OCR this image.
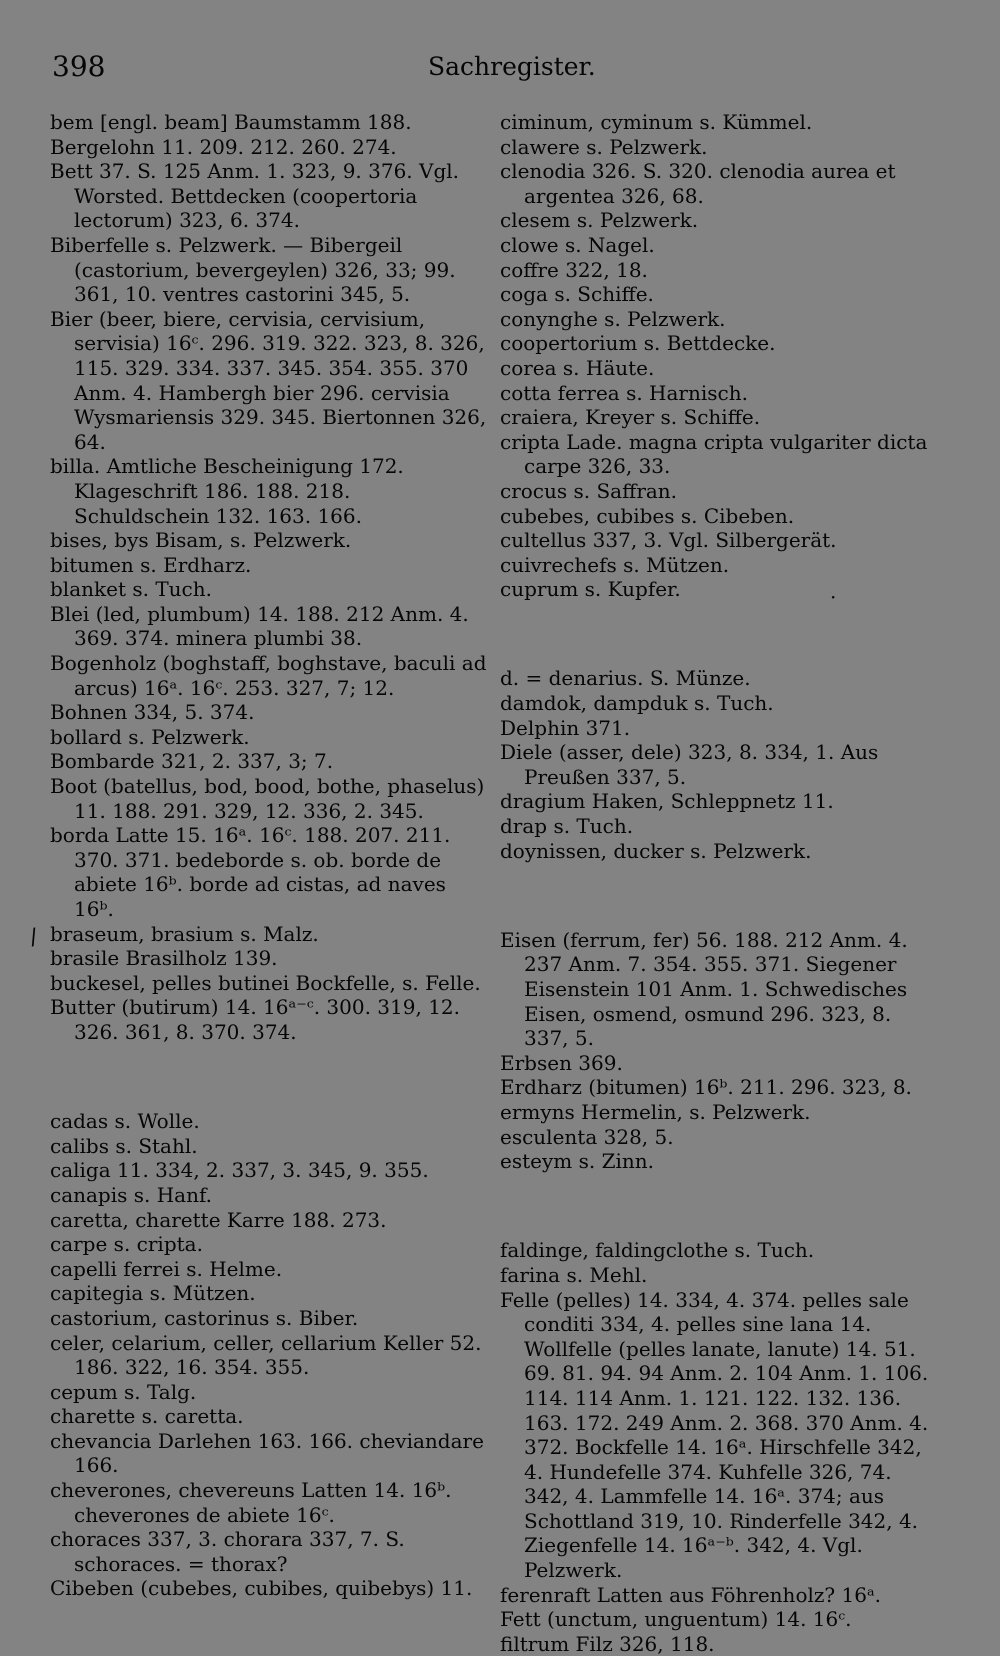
398	Sachregister.
/
·

bem [engl. beam] Baumstamm 188.

Bergelohn 11. 209. 212. 260. 274.

Bett 37. S. 125 Anm. 1. 323, 9. 376. Vgl. Worsted. Bettdecken (coopertoria lectorum) 323, 6. 374.

Biberfelle s. Pelzwerk. — Bibergeil (castorium, bevergeylen) 326, 33; 99. 361, 10. ventres castorini 345, 5.

Bier (beer, biere, cervisia, cervisium, servisia) 16ᶜ. 296. 319. 322. 323, 8. 326, 115. 329. 334. 337. 345. 354. 355. 370 Anm. 4. Hambergh bier 296. cervisia Wysmariensis 329. 345. Biertonnen 326, 64.

billa. Amtliche Bescheinigung 172. Klageschrift 186. 188. 218. Schuldschein 132. 163. 166.

bises, bys Bisam, s. Pelzwerk.

bitumen s. Erdharz.

blanket s. Tuch.

Blei (led, plumbum) 14. 188. 212 Anm. 4. 369. 374. minera plumbi 38.

Bogenholz (boghstaff, boghstave, baculi ad arcus) 16ᵃ. 16ᶜ. 253. 327, 7; 12.

Bohnen 334, 5. 374.

bollard s. Pelzwerk.

Bombarde 321, 2. 337, 3; 7.

Boot (batellus, bod, bood, bothe, phaselus) 11. 188. 291. 329, 12. 336, 2. 345.

borda Latte 15. 16ᵃ. 16ᶜ. 188. 207. 211. 370. 371. bedeborde s. ob. borde de abiete 16ᵇ. borde ad cistas, ad naves 16ᵇ.

braseum, brasium s. Malz.

brasile Brasilholz 139.

buckesel, pelles butinei Bockfelle, s. Felle.

Butter (butirum) 14. 16ᵃ⁻ᶜ. 300. 319, 12. 326. 361, 8. 370. 374.

cadas s. Wolle.

calibs s. Stahl.

caliga 11. 334, 2. 337, 3. 345, 9. 355.

canapis s. Hanf.

caretta, charette Karre 188. 273.

carpe s. cripta.

capelli ferrei s. Helme.

capitegia s. Mützen.

castorium, castorinus s. Biber.

celer, celarium, celler, cellarium Keller 52. 186. 322, 16. 354. 355.

cepum s. Talg.

charette s. caretta.

chevancia Darlehen 163. 166. cheviandare 166.

cheverones, chevereuns Latten 14. 16ᵇ. cheverones de abiete 16ᶜ.

choraces 337, 3. chorara 337, 7. S. schoraces. = thorax?

Cibeben (cubebes, cubibes, quibebys) 11.

ciminum, cyminum s. Kümmel.

clawere s. Pelzwerk.

clenodia 326. S. 320. clenodia aurea et argentea 326, 68.

clesem s. Pelzwerk.

clowe s. Nagel.

coffre 322, 18.

coga s. Schiffe.

conynghe s. Pelzwerk.

coopertorium s. Bettdecke.

corea s. Häute.

cotta ferrea s. Harnisch.

craiera, Kreyer s. Schiffe.

cripta Lade. magna cripta vulgariter dicta carpe 326, 33.

crocus s. Saffran.

cubebes, cubibes s. Cibeben.

cultellus 337, 3. Vgl. Silbergerät.

cuivrechefs s. Mützen.

cuprum s. Kupfer.

d. = denarius. S. Münze.

damdok, dampduk s. Tuch.

Delphin 371.

Diele (asser, dele) 323, 8. 334, 1. Aus Preußen 337, 5.

dragium Haken, Schleppnetz 11.

drap s. Tuch.

doynissen, ducker s. Pelzwerk.

Eisen (ferrum, fer) 56. 188. 212 Anm. 4. 237 Anm. 7. 354. 355. 371. Siegener Eisenstein 101 Anm. 1. Schwedisches Eisen, osmend, osmund 296. 323, 8. 337, 5.

Erbsen 369.

Erdharz (bitumen) 16ᵇ. 211. 296. 323, 8.

ermyns Hermelin, s. Pelzwerk.

esculenta 328, 5.

esteym s. Zinn.

faldinge, faldingclothe s. Tuch.

farina s. Mehl.

Felle (pelles) 14. 334, 4. 374. pelles sale conditi 334, 4. pelles sine lana 14. Wollfelle (pelles lanate, lanute) 14. 51. 69. 81. 94. 94 Anm. 2. 104 Anm. 1. 106. 114. 114 Anm. 1. 121. 122. 132. 136. 163. 172. 249 Anm. 2. 368. 370 Anm. 4. 372. Bockfelle 14. 16ᵃ. Hirschfelle 342, 4. Hundefelle 374. Kuhfelle 326, 74. 342, 4. Lammfelle 14. 16ᵃ. 374; aus Schottland 319, 10. Rinderfelle 342, 4. Ziegenfelle 14. 16ᵃ⁻ᵇ. 342, 4. Vgl. Pelzwerk.

ferenraft Latten aus Föhrenholz? 16ᵃ.

Fett (unctum, unguentum) 14. 16ᶜ.

filtrum Filz 326, 118.
